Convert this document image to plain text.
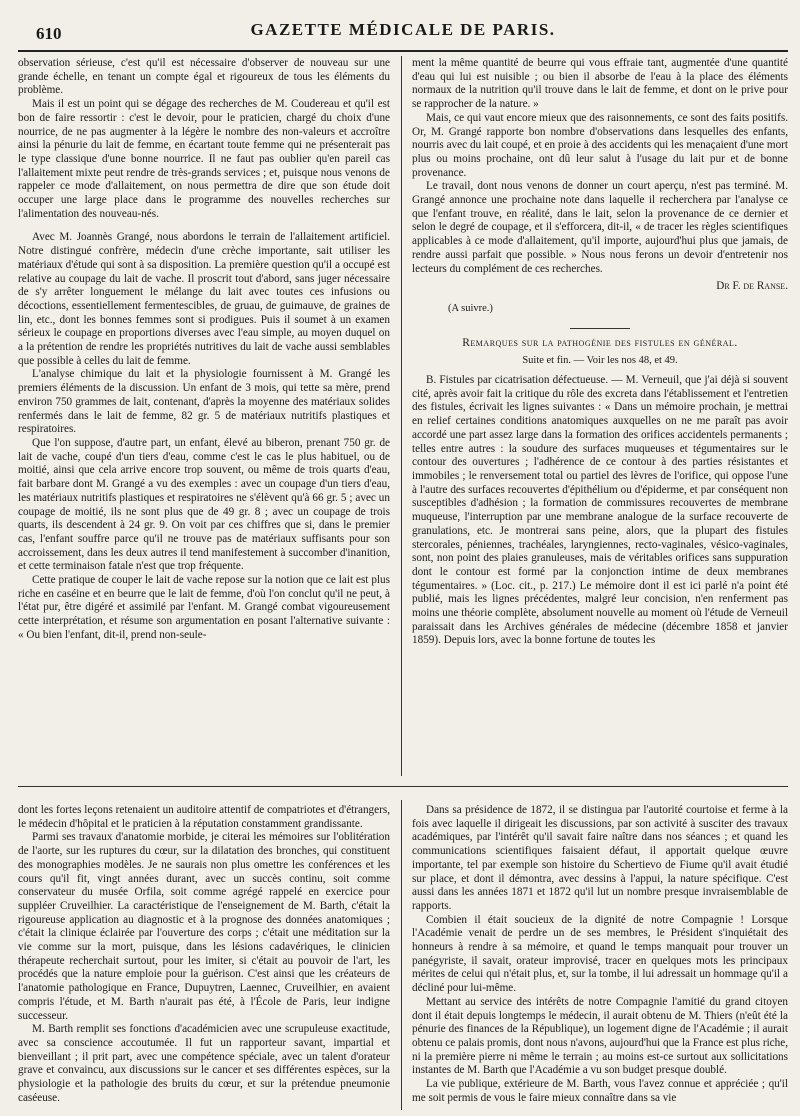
610	GAZETTE MÉDICALE DE PARIS.

observation sérieuse, c'est qu'il est nécessaire d'observer de nouveau sur une grande échelle, en tenant un compte égal et rigoureux de tous les éléments du problème.

Mais il est un point qui se dégage des recherches de M. Coudereau et qu'il est bon de faire ressortir : c'est le devoir, pour le praticien, chargé du choix d'une nourrice, de ne pas augmenter à la légère le nombre des non-valeurs et accroître ainsi la pénurie du lait de femme, en écartant toute femme qui ne présenterait pas le type classique d'une bonne nourrice. Il ne faut pas oublier qu'en pareil cas l'allaitement mixte peut rendre de très-grands services ; et, puisque nous venons de rappeler ce mode d'allaitement, on nous permettra de dire que son étude doit occuper une large place dans le programme des nouvelles recherches sur l'alimentation des nouveau-nés.

Avec M. Joannès Grangé, nous abordons le terrain de l'allaitement artificiel. Notre distingué confrère, médecin d'une crèche importante, sait utiliser les matériaux d'étude qui sont à sa disposition. La première question qu'il a occupé est relative au coupage du lait de vache. Il proscrit tout d'abord, sans juger nécessaire de s'y arrêter longuement le mélange du lait avec toutes ces infusions ou décoctions, essentiellement fermentescibles, de gruau, de guimauve, de graines de lin, etc., dont les bonnes femmes sont si prodigues. Puis il soumet à un examen sérieux le coupage en proportions diverses avec l'eau simple, au moyen duquel on a la prétention de rendre les propriétés nutritives du lait de vache aussi semblables que possible à celles du lait de femme.

L'analyse chimique du lait et la physiologie fournissent à M. Grangé les premiers éléments de la discussion. Un enfant de 3 mois, qui tette sa mère, prend environ 750 grammes de lait, contenant, d'après la moyenne des matériaux solides renfermés dans le lait de femme, 82 gr. 5 de matériaux nutritifs plastiques et respiratoires.

Que l'on suppose, d'autre part, un enfant, élevé au biberon, prenant 750 gr. de lait de vache, coupé d'un tiers d'eau, comme c'est le cas le plus habituel, ou de moitié, ainsi que cela arrive encore trop souvent, ou même de trois quarts d'eau, fait barbare dont M. Grangé a vu des exemples : avec un coupage d'un tiers d'eau, les matériaux nutritifs plastiques et respiratoires ne s'élèvent qu'à 66 gr. 5 ; avec un coupage de moitié, ils ne sont plus que de 49 gr. 8 ; avec un coupage de trois quarts, ils descendent à 24 gr. 9. On voit par ces chiffres que si, dans le premier cas, l'enfant souffre parce qu'il ne trouve pas de matériaux suffisants pour son accroissement, dans les deux autres il tend manifestement à succomber d'inanition, et cette terminaison fatale n'est que trop fréquente.

Cette pratique de couper le lait de vache repose sur la notion que ce lait est plus riche en caséine et en beurre que le lait de femme, d'où l'on conclut qu'il ne peut, à l'état pur, être digéré et assimilé par l'enfant. M. Grangé combat vigoureusement cette interprétation, et résume son argumentation en posant l'alternative suivante : « Ou bien l'enfant, dit-il, prend non-seule-

ment la même quantité de beurre qui vous effraie tant, augmentée d'une quantité d'eau qui lui est nuisible ; ou bien il absorbe de l'eau à la place des éléments normaux de la nutrition qu'il trouve dans le lait de femme, et dont on le prive pour se rapprocher de la nature. »

Mais, ce qui vaut encore mieux que des raisonnements, ce sont des faits positifs. Or, M. Grangé rapporte bon nombre d'observations dans lesquelles des enfants, nourris avec du lait coupé, et en proie à des accidents qui les menaçaient d'une mort plus ou moins prochaine, ont dû leur salut à l'usage du lait pur et de bonne provenance.

Le travail, dont nous venons de donner un court aperçu, n'est pas terminé. M. Grangé annonce une prochaine note dans laquelle il recherchera par l'analyse ce que l'enfant trouve, en réalité, dans le lait, selon la provenance de ce dernier et selon le degré de coupage, et il s'efforcera, dit-il, « de tracer les règles scientifiques applicables à ce mode d'allaitement, qu'il importe, aujourd'hui plus que jamais, de rendre aussi parfait que possible. » Nous nous ferons un devoir d'entretenir nos lecteurs du complément de ces recherches.

Dr F. de Ranse.
(A suivre.)
Remarques sur la pathogénie des fistules en général.
Suite et fin. — Voir les nos 48, et 49.

B. Fistules par cicatrisation défectueuse. — M. Verneuil, que j'ai déjà si souvent cité, après avoir fait la critique du rôle des excreta dans l'établissement et l'entretien des fistules, écrivait les lignes suivantes : « Dans un mémoire prochain, je mettrai en relief certaines conditions anatomiques auxquelles on ne me paraît pas avoir accordé une part assez large dans la formation des orifices accidentels permanents ; telles entre autres : la soudure des surfaces muqueuses et tégumentaires sur le contour des ouvertures ; l'adhérence de ce contour à des parties résistantes et immobiles ; le renversement total ou partiel des lèvres de l'orifice, qui oppose l'une à l'autre des surfaces recouvertes d'épithélium ou d'épiderme, et par conséquent non susceptibles d'adhésion ; la formation de commissures recouvertes de membrane muqueuse, l'interruption par une membrane analogue de la surface recouverte de granulations, etc. Je montrerai sans peine, alors, que la plupart des fistules stercorales, péniennes, trachéales, laryngiennes, recto-vaginales, vésico-vaginales, sont, non point des plaies granuleuses, mais de véritables orifices sans suppuration dont le contour est formé par la conjonction intime de deux membranes tégumentaires. » (Loc. cit., p. 217.) Le mémoire dont il est ici parlé n'a point été publié, mais les lignes précédentes, malgré leur concision, n'en renferment pas moins une théorie complète, absolument nouvelle au moment où l'étude de Verneuil paraissait dans les Archives générales de médecine (décembre 1858 et janvier 1859). Depuis lors, avec la bonne fortune de toutes les

dont les fortes leçons retenaient un auditoire attentif de compatriotes et d'étrangers, le médecin d'hôpital et le praticien à la réputation constamment grandissante.

Parmi ses travaux d'anatomie morbide, je citerai les mémoires sur l'oblitération de l'aorte, sur les ruptures du cœur, sur la dilatation des bronches, qui constituent des monographies modèles. Je ne saurais non plus omettre les conférences et les cours qu'il fit, vingt années durant, avec un succès continu, soit comme conservateur du musée Orfila, soit comme agrégé rappelé en exercice pour suppléer Cruveilhier. La caractéristique de l'enseignement de M. Barth, c'était la rigoureuse application au diagnostic et à la prognose des données anatomiques ; c'était la clinique éclairée par l'ouverture des corps ; c'était une méditation sur la vie comme sur la mort, puisque, dans les lésions cadavériques, le clinicien thérapeute recherchait surtout, pour les imiter, si c'était au pouvoir de l'art, les procédés que la nature emploie pour la guérison. C'est ainsi que les créateurs de l'anatomie pathologique en France, Dupuytren, Laennec, Cruveilhier, en avaient compris l'étude, et M. Barth n'aurait pas été, à l'École de Paris, leur indigne successeur.

M. Barth remplit ses fonctions d'académicien avec une scrupuleuse exactitude, avec sa conscience accoutumée. Il fut un rapporteur savant, impartial et bienveillant ; il prit part, avec une compétence spéciale, avec un talent d'orateur grave et convaincu, aux discussions sur le cancer et ses différentes espèces, sur la physiologie et la pathologie des bruits du cœur, et sur la prétendue pneumonie caséeuse.

Dans sa présidence de 1872, il se distingua par l'autorité courtoise et ferme à la fois avec laquelle il dirigeait les discussions, par son activité à susciter des travaux académiques, par l'intérêt qu'il savait faire naître dans nos séances ; et quand les communications scientifiques faisaient défaut, il apportait quelque œuvre importante, tel par exemple son histoire du Schertievo de Fiume qu'il avait étudié sur place, et dont il démontra, avec dessins à l'appui, la nature spécifique. C'est aussi dans les années 1871 et 1872 qu'il lut un nombre presque invraisemblable de rapports.

Combien il était soucieux de la dignité de notre Compagnie ! Lorsque l'Académie venait de perdre un de ses membres, le Président s'inquiétait des honneurs à rendre à sa mémoire, et quand le temps manquait pour trouver un panégyriste, il savait, orateur improvisé, tracer en quelques mots les principaux mérites de celui qui n'était plus, et, sur la tombe, il lui adressait un hommage qu'il a décliné pour lui-même.

Mettant au service des intérêts de notre Compagnie l'amitié du grand citoyen dont il était depuis longtemps le médecin, il aurait obtenu de M. Thiers (n'eût été la pénurie des finances de la République), un logement digne de l'Académie ; il aurait obtenu ce palais promis, dont nous n'avons, aujourd'hui que la France est plus riche, ni la première pierre ni même le terrain ; au moins est-ce surtout aux sollicitations instantes de M. Barth que l'Académie a vu son budget presque doublé.

La vie publique, extérieure de M. Barth, vous l'avez connue et appréciée ; qu'il me soit permis de vous le faire mieux connaître dans sa vie
